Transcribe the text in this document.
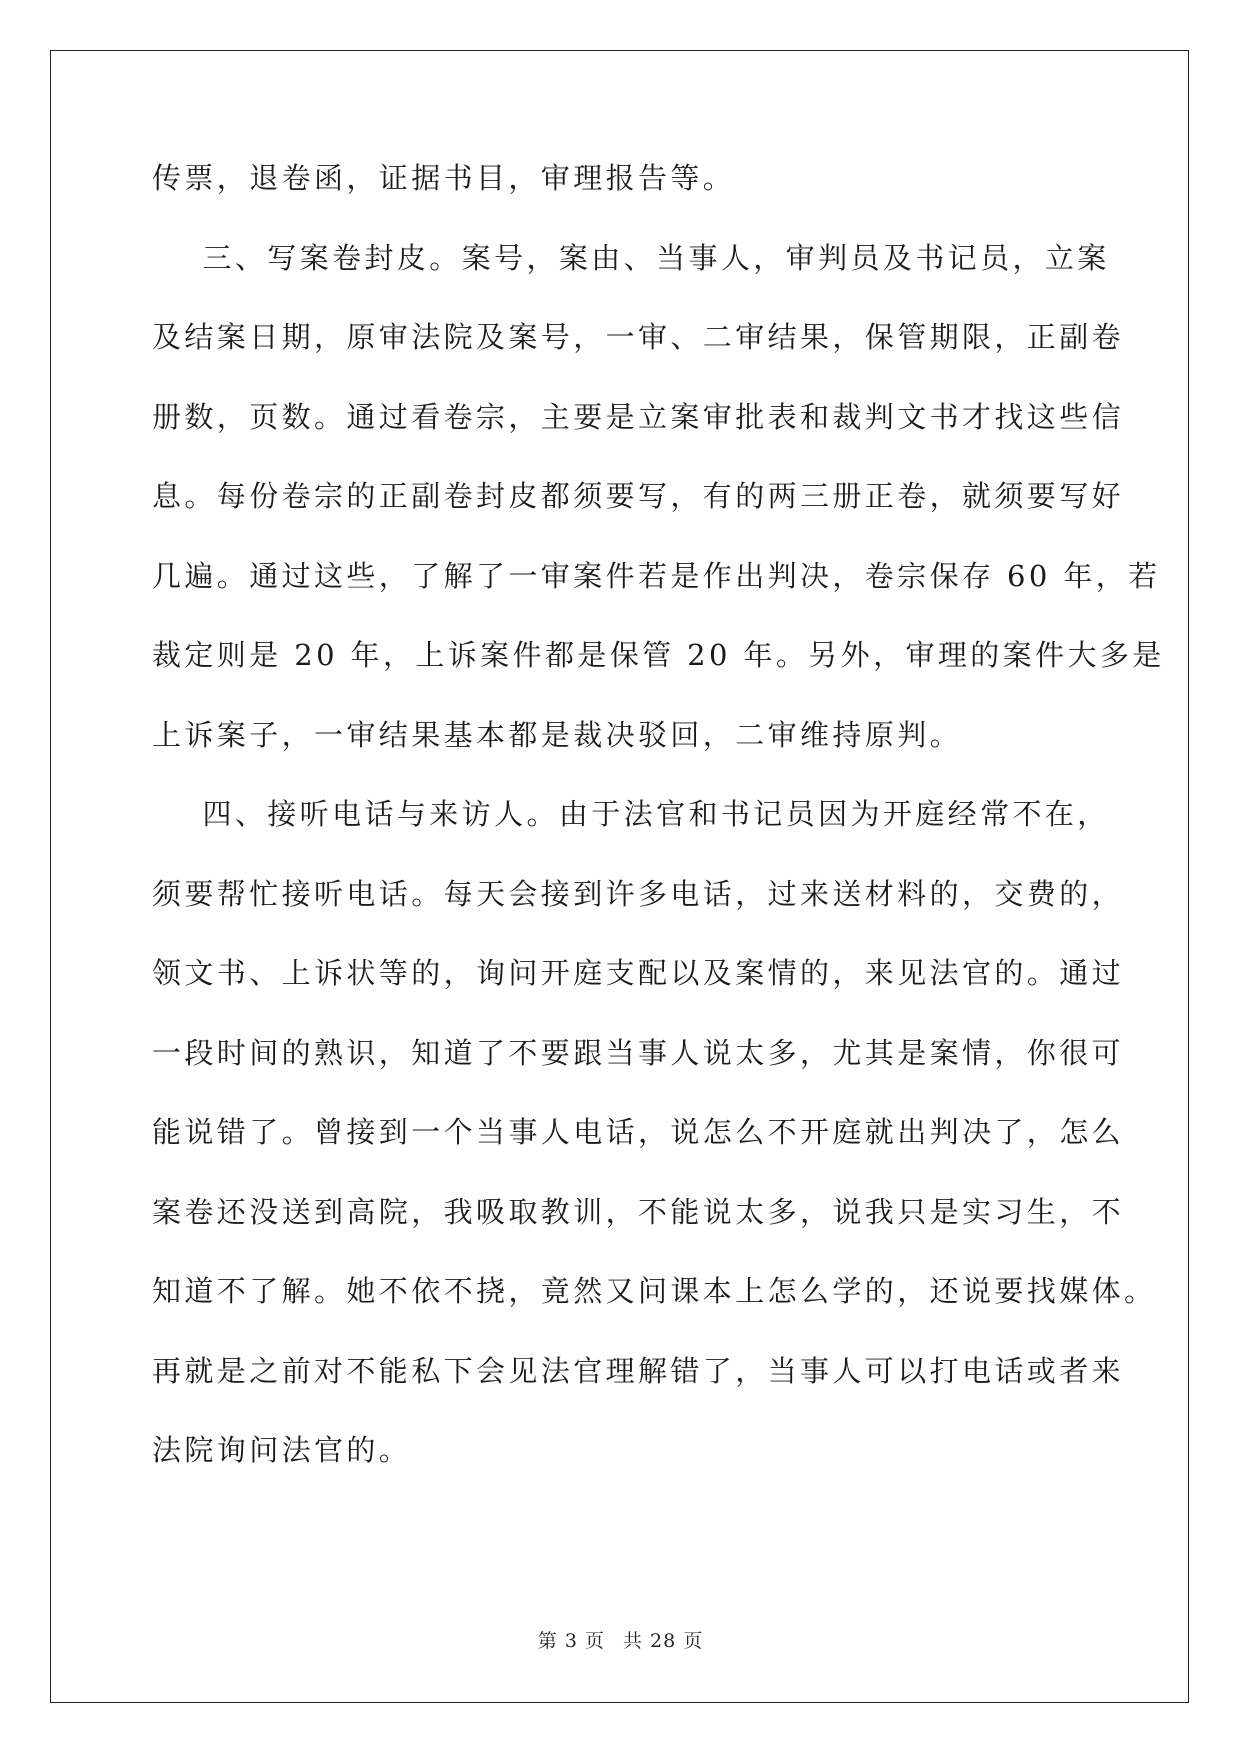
传票，退卷函，证据书目，审理报告等。
三、写案卷封皮。案号，案由、当事人，审判员及书记员，立案
及结案日期，原审法院及案号，一审、二审结果，保管期限，正副卷
册数，页数。通过看卷宗，主要是立案审批表和裁判文书才找这些信
息。每份卷宗的正副卷封皮都须要写，有的两三册正卷，就须要写好
几遍。通过这些，了解了一审案件若是作出判决，卷宗保存 60 年，若
裁定则是 20 年，上诉案件都是保管 20 年。另外，审理的案件大多是
上诉案子，一审结果基本都是裁决驳回，二审维持原判。
四、接听电话与来访人。由于法官和书记员因为开庭经常不在，
须要帮忙接听电话。每天会接到许多电话，过来送材料的，交费的，
领文书、上诉状等的，询问开庭支配以及案情的，来见法官的。通过
一段时间的熟识，知道了不要跟当事人说太多，尤其是案情，你很可
能说错了。曾接到一个当事人电话，说怎么不开庭就出判决了，怎么
案卷还没送到高院，我吸取教训，不能说太多，说我只是实习生，不
知道不了解。她不依不挠，竟然又问课本上怎么学的，还说要找媒体。
再就是之前对不能私下会见法官理解错了，当事人可以打电话或者来
法院询问法官的。
第 3 页 共 28 页
